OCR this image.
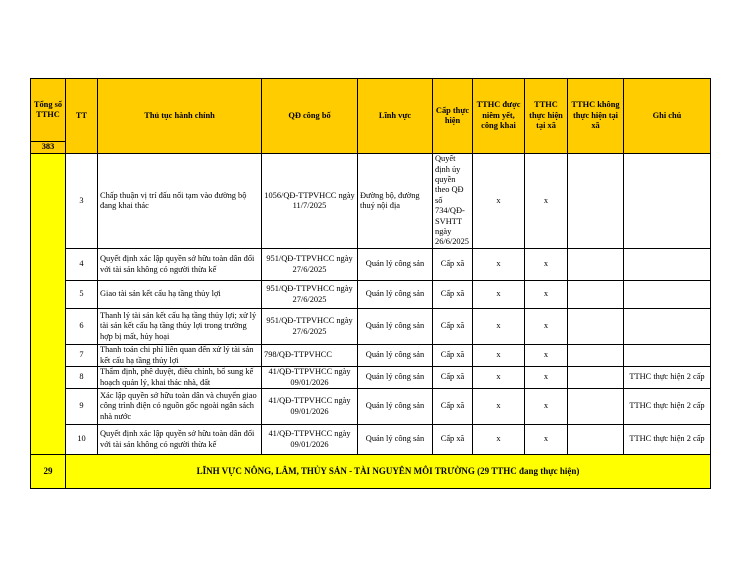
Tổng số TTHC	TT	Thủ tục hành chính	QĐ công bố	Lĩnh vực	Cấp thực hiện	TTHC được niêm yết, công khai	TTHC thực hiện tại xã	TTHC không thực hiện tại xã	Ghi chú
383									
	3	Chấp thuận vị trí đấu nối tạm vào đường bộ đang khai thác	1056/QĐ-TTPVHCC ngày 11/7/2025	Đường bộ, đường thuỷ nội địa	Quyết định ủy quyền theo QĐ số 734/QĐ-SVHTT ngày 26/6/2025	x	x		
	4	Quyết định xác lập quyền sở hữu toàn dân đối với tài sản không có người thừa kế	951/QĐ-TTPVHCC ngày 27/6/2025	Quản lý công sản	Cấp xã	x	x		
	5	Giao tài sản kết cấu hạ tầng thủy lợi	951/QĐ-TTPVHCC ngày 27/6/2025	Quản lý công sản	Cấp xã	x	x		
	6	Thanh lý tài sản kết cấu hạ tầng thủy lợi; xử lý tài sản kết cấu hạ tầng thủy lợi trong trường hợp bị mất, hủy hoại	951/QĐ-TTPVHCC ngày 27/6/2025	Quản lý công sản	Cấp xã	x	x		
	7	Thanh toán chi phí liên quan đến xử lý tài sản kết cấu hạ tầng thủy lợi	798/QĐ-TTPVHCC	Quản lý công sản	Cấp xã	x	x		
	8	Thẩm định, phê duyệt, điều chỉnh, bổ sung kế hoạch quản lý, khai thác nhà, đất	41/QĐ-TTPVHCC ngày 09/01/2026	Quản lý công sản	Cấp xã	x	x		TTHC thực hiện 2 cấp
	9	Xác lập quyền sở hữu toàn dân và chuyển giao công trình điện có nguồn gốc ngoài ngân sách nhà nước	41/QĐ-TTPVHCC ngày 09/01/2026	Quản lý công sản	Cấp xã	x	x		TTHC thực hiện 2 cấp
	10	Quyết định xác lập quyền sở hữu toàn dân đối với tài sản không có người thừa kế	41/QĐ-TTPVHCC ngày 09/01/2026	Quản lý công sản	Cấp xã	x	x		TTHC thực hiện 2 cấp
29	LĨNH VỰC NÔNG, LÂM, THỦY SẢN - TÀI NGUYÊN MÔI TRƯỜNG (29 TTHC đang thực hiện)								
